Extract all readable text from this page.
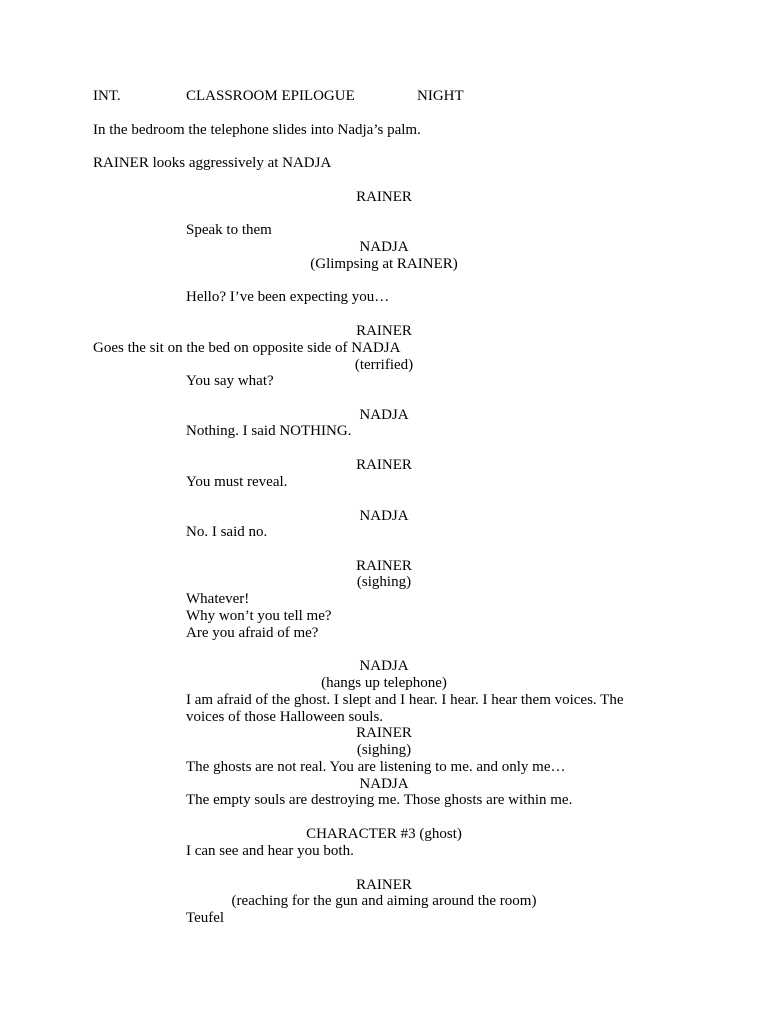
INT.	CLASSROOM EPILOGUE	NIGHT
In the bedroom the telephone slides into Nadja’s palm.
RAINER looks aggressively at NADJA
RAINER
Speak to them
NADJA
(Glimpsing at RAINER)
Hello? I’ve been expecting you…
RAINER
Goes the sit on the bed on opposite side of NADJA
(terrified)
You say what?
NADJA
Nothing. I said NOTHING.
RAINER
You must reveal.
NADJA
No. I said no.
RAINER
(sighing)
Whatever!
Why won’t you tell me?
Are you afraid of me?
NADJA
(hangs up telephone)
I am afraid of the ghost. I slept and I hear. I hear. I hear them voices. The
voices of those Halloween souls.
RAINER
(sighing)
The ghosts are not real. You are listening to me. and only me…
NADJA
The empty souls are destroying me. Those ghosts are within me.
CHARACTER #3 (ghost)
I can see and hear you both.
RAINER
(reaching for the gun and aiming around the room)
Teufel
